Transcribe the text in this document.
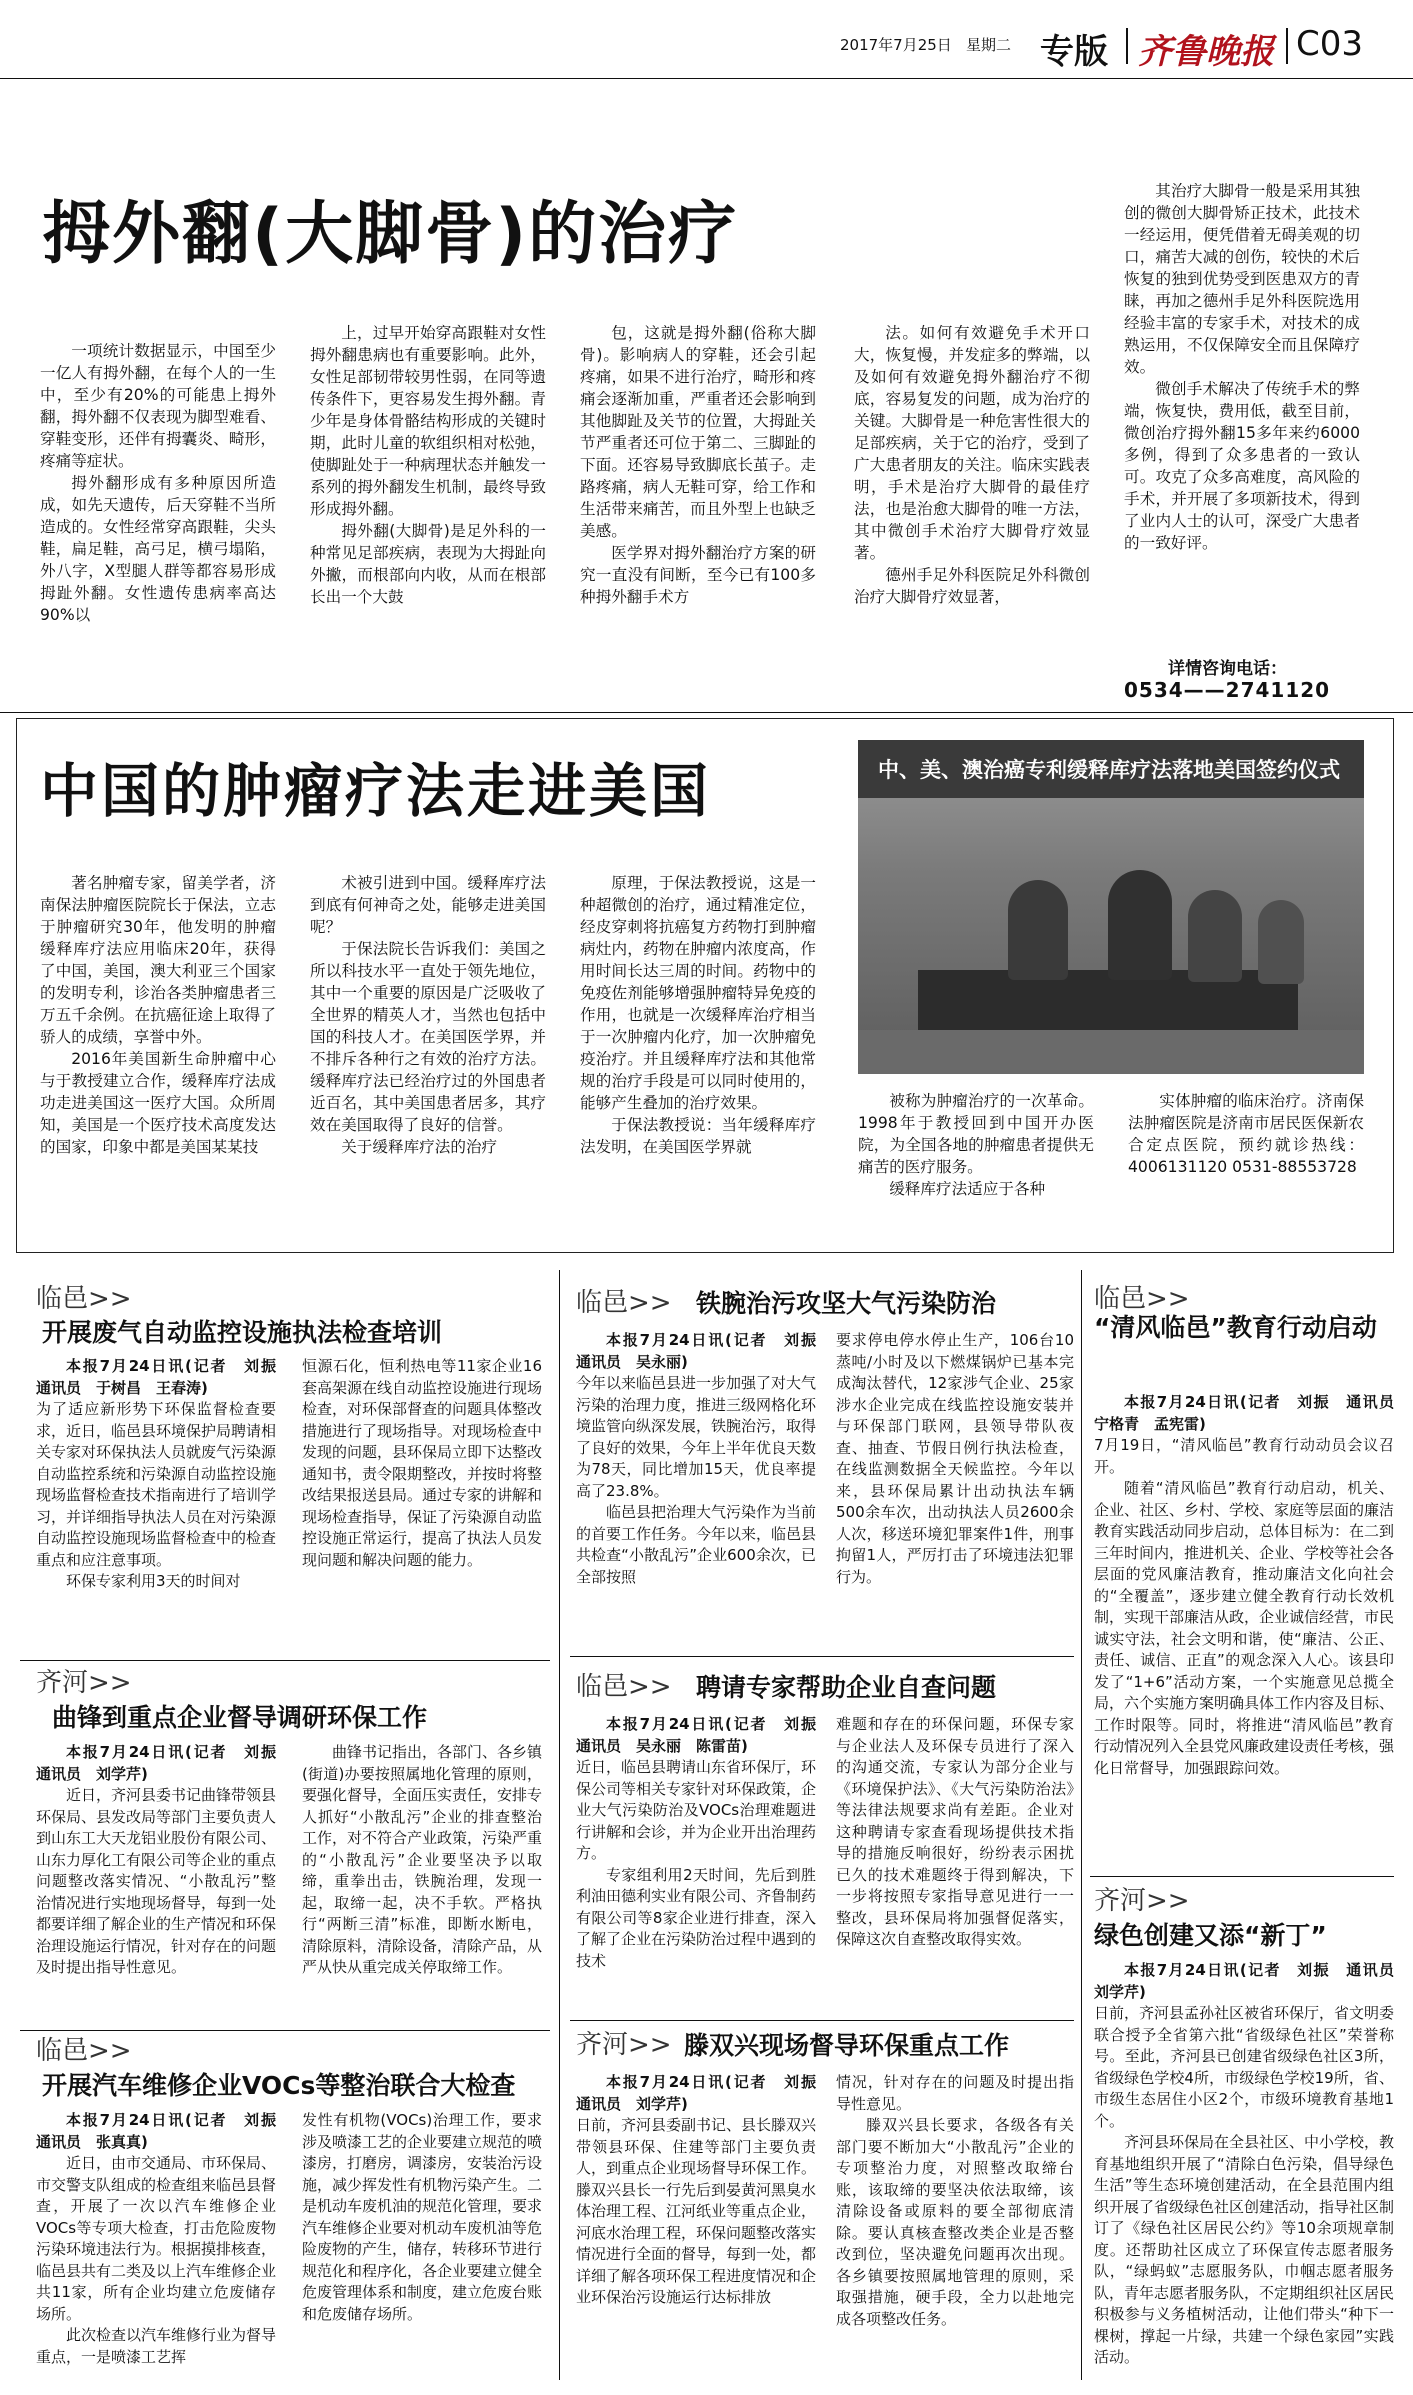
2017年7月25日 星期二 专版 齐鲁晚报 C03
拇外翻(大脚骨)的治疗

一项统计数据显示，中国至少一亿人有拇外翻，在每个人的一生中，至少有20%的可能患上拇外翻，拇外翻不仅表现为脚型难看、穿鞋变形，还伴有拇囊炎、畸形，疼痛等症状。

拇外翻形成有多种原因所造成，如先天遗传，后天穿鞋不当所造成的。女性经常穿高跟鞋，尖头鞋，扁足鞋，高弓足，横弓塌陷，外八字，X型腿人群等都容易形成拇趾外翻。女性遗传患病率高达90%以

上，过早开始穿高跟鞋对女性拇外翻患病也有重要影响。此外，女性足部韧带较男性弱，在同等遗传条件下，更容易发生拇外翻。青少年是身体骨骼结构形成的关键时期，此时儿童的软组织相对松弛，使脚趾处于一种病理状态并触发一系列的拇外翻发生机制，最终导致形成拇外翻。

拇外翻(大脚骨)是足外科的一种常见足部疾病，表现为大拇趾向外撇，而根部向内收，从而在根部长出一个大鼓

包，这就是拇外翻(俗称大脚骨)。影响病人的穿鞋，还会引起疼痛，如果不进行治疗，畸形和疼痛会逐渐加重，严重者还会影响到其他脚趾及关节的位置，大拇趾关节严重者还可位于第二、三脚趾的下面。还容易导致脚底长茧子。走路疼痛，病人无鞋可穿，给工作和生活带来痛苦，而且外型上也缺乏美感。

医学界对拇外翻治疗方案的研究一直没有间断，至今已有100多种拇外翻手术方

法。如何有效避免手术开口大，恢复慢，并发症多的弊端，以及如何有效避免拇外翻治疗不彻底，容易复发的问题，成为治疗的关键。大脚骨是一种危害性很大的足部疾病，关于它的治疗，受到了广大患者朋友的关注。临床实践表明，手术是治疗大脚骨的最佳疗法，也是治愈大脚骨的唯一方法，其中微创手术治疗大脚骨疗效显著。

德州手足外科医院足外科微创治疗大脚骨疗效显著，

其治疗大脚骨一般是采用其独创的微创大脚骨矫正技术，此技术一经运用，便凭借着无碍美观的切口，痛苦大减的创伤，较快的术后恢复的独到优势受到医患双方的青睐，再加之德州手足外科医院选用经验丰富的专家手术，对技术的成熟运用，不仅保障安全而且保障疗效。

微创手术解决了传统手术的弊端，恢复快，费用低，截至目前，微创治疗拇外翻15多年来约6000多例，得到了众多患者的一致认可。攻克了众多高难度，高风险的手术，并开展了多项新技术，得到了业内人士的认可，深受广大患者的一致好评。

详情咨询电话：
0534——2741120
中国的肿瘤疗法走进美国	中、美、澳治癌专利缓释库疗法落地美国签约仪式

著名肿瘤专家，留美学者，济南保法肿瘤医院院长于保法，立志于肿瘤研究30年，他发明的肿瘤缓释库疗法应用临床20年，获得了中国，美国，澳大利亚三个国家的发明专利，诊治各类肿瘤患者三万五千余例。在抗癌征途上取得了骄人的成绩，享誉中外。

2016年美国新生命肿瘤中心与于教授建立合作，缓释库疗法成功走进美国这一医疗大国。众所周知，美国是一个医疗技术高度发达的国家，印象中都是美国某某技

术被引进到中国。缓释库疗法到底有何神奇之处，能够走进美国呢？

于保法院长告诉我们：美国之所以科技水平一直处于领先地位，其中一个重要的原因是广泛吸收了全世界的精英人才，当然也包括中国的科技人才。在美国医学界，并不排斥各种行之有效的治疗方法。缓释库疗法已经治疗过的外国患者近百名，其中美国患者居多，其疗效在美国取得了良好的信誉。

关于缓释库疗法的治疗

原理，于保法教授说，这是一种超微创的治疗，通过精准定位，经皮穿刺将抗癌复方药物打到肿瘤病灶内，药物在肿瘤内浓度高，作用时间长达三周的时间。药物中的免疫佐剂能够增强肿瘤特异免疫的作用，也就是一次缓释库治疗相当于一次肿瘤内化疗，加一次肿瘤免疫治疗。并且缓释库疗法和其他常规的治疗手段是可以同时使用的，能够产生叠加的治疗效果。

于保法教授说：当年缓释库疗法发明，在美国医学界就

被称为肿瘤治疗的一次革命。1998年于教授回到中国开办医院，为全国各地的肿瘤患者提供无痛苦的医疗服务。

缓释库疗法适应于各种

实体肿瘤的临床治疗。济南保法肿瘤医院是济南市居民医保新农合定点医院，预约就诊热线：4006131120 0531-88553728

临邑>>
开展废气自动监控设施执法检查培训

本报7月24日讯(记者　刘振　通讯员　于树昌　王春涛)

为了适应新形势下环保监督检查要求，近日，临邑县环境保护局聘请相关专家对环保执法人员就废气污染源自动监控系统和污染源自动监控设施现场监督检查技术指南进行了培训学习，并详细指导执法人员在对污染源自动监控设施现场监督检查中的检查重点和应注意事项。

环保专家利用3天的时间对

恒源石化，恒利热电等11家企业16套高架源在线自动监控设施进行现场检查，对环保部督查的问题具体整改措施进行了现场指导。对现场检查中发现的问题，县环保局立即下达整改通知书，责令限期整改，并按时将整改结果报送县局。通过专家的讲解和现场检查指导，保证了污染源自动监控设施正常运行，提高了执法人员发现问题和解决问题的能力。

齐河>>
曲锋到重点企业督导调研环保工作

本报7月24日讯(记者　刘振　通讯员　刘学芹)

近日，齐河县委书记曲锋带领县环保局、县发改局等部门主要负责人到山东工大天龙铝业股份有限公司、山东力厚化工有限公司等企业的重点问题整改落实情况、“小散乱污”整治情况进行实地现场督导，每到一处都要详细了解企业的生产情况和环保治理设施运行情况，针对存在的问题及时提出指导性意见。

曲锋书记指出，各部门、各乡镇(街道)办要按照属地化管理的原则，要强化督导，全面压实责任，安排专人抓好“小散乱污”企业的排查整治工作，对不符合产业政策，污染严重的“小散乱污”企业要坚决予以取缔，重拳出击，铁腕治理，发现一起，取缔一起，决不手软。严格执行“两断三清”标准，即断水断电，清除原料，清除设备，清除产品，从严从快从重完成关停取缔工作。

临邑>>
开展汽车维修企业VOCs等整治联合大检查

本报7月24日讯(记者　刘振　通讯员　张真真)

近日，由市交通局、市环保局、市交警支队组成的检查组来临邑县督查，开展了一次以汽车维修企业VOCs等专项大检查，打击危险废物污染环境违法行为。根据摸排核查，临邑县共有二类及以上汽车维修企业共11家，所有企业均建立危废储存场所。

此次检查以汽车维修行业为督导重点，一是喷漆工艺挥

发性有机物(VOCs)治理工作，要求涉及喷漆工艺的企业要建立规范的喷漆房，打磨房，调漆房，安装治污设施，减少挥发性有机物污染产生。二是机动车废机油的规范化管理，要求汽车维修企业要对机动车废机油等危险废物的产生，储存，转移环节进行规范化和程序化，各企业要建立健全危废管理体系和制度，建立危废台账和危废储存场所。

临邑>> 铁腕治污攻坚大气污染防治

本报7月24日讯(记者　刘振　通讯员　吴永丽)

今年以来临邑县进一步加强了对大气污染的治理力度，推进三级网格化环境监管向纵深发展，铁腕治污，取得了良好的效果，今年上半年优良天数为78天，同比增加15天，优良率提高了23.8%。

临邑县把治理大气污染作为当前的首要工作任务。今年以来，临邑县共检查“小散乱污”企业600余次，已全部按照

要求停电停水停止生产，106台10蒸吨/小时及以下燃煤锅炉已基本完成淘汰替代，12家涉气企业、25家涉水企业完成在线监控设施安装并与环保部门联网，县领导带队夜查、抽查、节假日例行执法检查，在线监测数据全天候监控。今年以来，县环保局累计出动执法车辆500余车次，出动执法人员2600余人次，移送环境犯罪案件1件，刑事拘留1人，严厉打击了环境违法犯罪行为。

临邑>> 聘请专家帮助企业自查问题

本报7月24日讯(记者　刘振　通讯员　吴永丽　陈雷苗)

近日，临邑县聘请山东省环保厅，环保公司等相关专家针对环保政策，企业大气污染防治及VOCs治理难题进行讲解和会诊，并为企业开出治理药方。

专家组利用2天时间，先后到胜利油田德利实业有限公司、齐鲁制药有限公司等8家企业进行排查，深入了解了企业在污染防治过程中遇到的技术

难题和存在的环保问题，环保专家与企业法人及环保专员进行了深入的沟通交流，专家认为部分企业与《环境保护法》、《大气污染防治法》等法律法规要求尚有差距。企业对这种聘请专家查看现场提供技术指导的措施反响很好，纷纷表示困扰已久的技术难题终于得到解决，下一步将按照专家指导意见进行一一整改，县环保局将加强督促落实，保障这次自查整改取得实效。

齐河>> 滕双兴现场督导环保重点工作

本报7月24日讯(记者　刘振　通讯员　刘学芹)

日前，齐河县委副书记、县长滕双兴带领县环保、住建等部门主要负责人，到重点企业现场督导环保工作。滕双兴县长一行先后到晏黄河黑臭水体治理工程、江河纸业等重点企业，河底水治理工程，环保问题整改落实情况进行全面的督导，每到一处，都详细了解各项环保工程进度情况和企业环保治污设施运行达标排放

情况，针对存在的问题及时提出指导性意见。

滕双兴县长要求，各级各有关部门要不断加大“小散乱污”企业的专项整治力度，对照整改取缔台账，该取缔的要坚决依法取缔，该清除设备或原料的要全部彻底清除。要认真核查整改类企业是否整改到位，坚决避免问题再次出现。各乡镇要按照属地管理的原则，采取强措施，硬手段，全力以赴地完成各项整改任务。

临邑>>
“清风临邑”教育行动启动

本报7月24日讯(记者　刘振　通讯员　宁格青　孟宪雷)

7月19日，“清风临邑”教育行动动员会议召开。

随着“清风临邑”教育行动启动，机关、企业、社区、乡村、学校、家庭等层面的廉洁教育实践活动同步启动，总体目标为：在二到三年时间内，推进机关、企业、学校等社会各层面的党风廉洁教育，推动廉洁文化向社会的“全覆盖”，逐步建立健全教育行动长效机制，实现干部廉洁从政，企业诚信经营，市民诚实守法，社会文明和谐，使“廉洁、公正、责任、诚信、正直”的观念深入人心。该县印发了“1+6”活动方案，一个实施意见总揽全局，六个实施方案明确具体工作内容及目标、工作时限等。同时，将推进“清风临邑”教育行动情况列入全县党风廉政建设责任考核，强化日常督导，加强跟踪问效。

齐河>>
绿色创建又添“新丁”

本报7月24日讯(记者　刘振　通讯员　刘学芹)

日前，齐河县孟孙社区被省环保厅，省文明委联合授予全省第六批“省级绿色社区”荣誉称号。至此，齐河县已创建省级绿色社区3所，省级绿色学校4所，市级绿色学校19所，省、市级生态居住小区2个，市级环境教育基地1个。

齐河县环保局在全县社区、中小学校，教育基地组织开展了“清除白色污染，倡导绿色生活”等生态环境创建活动，在全县范围内组织开展了省级绿色社区创建活动，指导社区制订了《绿色社区居民公约》等10余项规章制度。还帮助社区成立了环保宣传志愿者服务队，“绿蚂蚁”志愿服务队，巾帼志愿者服务队，青年志愿者服务队，不定期组织社区居民积极参与义务植树活动，让他们带头“种下一棵树，撑起一片绿，共建一个绿色家园”实践活动。
